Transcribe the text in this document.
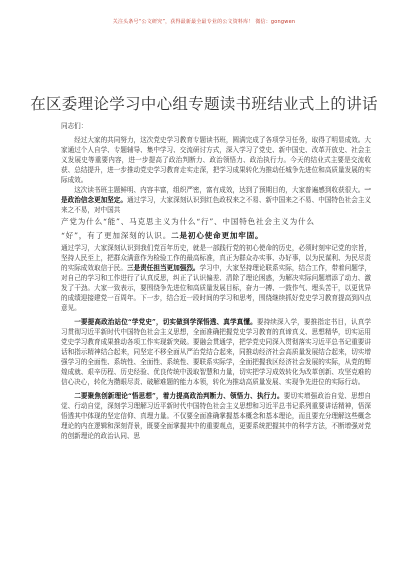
关注头条号“公文研究”，获得最新最全最专业的公文资料库！ 微信：gongwen
在区委理论学习中心组专题读书班结业式上的讲话

同志们：

经过大家的共同努力，这次党史学习教育专题读书班，圆满完成了各项学习任务，取得了明显成效。大家通过个人自学、专题辅导、集中学习、交流研讨方式，深入学习了党史、新中国史、改革开放史、社会主义发展史等重要内容，进一步提高了政治判断力、政治领悟力、政治执行力。今天的结业式主要是交流收获、总结提升，进一步推动党史学习教育走实走深，把学习成果转化为推动任城争先进位和高质量发展的实际成效。

这次读书班主题鲜明、内容丰富，组织严密，富有成效，达到了预期目的，大家普遍感到收获很大。一是政治信念更加坚定。通过学习，大家深刻认识到红色政权来之不易、新中国来之不易、中国特色社会主义来之不易，对中国共

产党为什么“能”、马克思主义为什么“行”、中国特色社会主义为什么

“好”，有了更加深刻的认识。二是初心使命更加牢固。

通过学习，大家深刻认识到我们党百年历史，就是一部践行党的初心使命的历史，必须时刻牢记党的宗旨，坚持人民至上，把群众满意作为检验工作的最高标准，真正为群众办实事、办好事，以为民谋利、为民尽责的实际成效取信于民。三是责任担当更加强烈。学习中，大家坚持理论联系实际，结合工作，带着问题学，对自己的学习和工作进行了认真反思，纠正了认识偏差、清除了理论困惑，为解决实际问题增添了动力、激发了干劲。大家一致表示，要围绕争先进位和高质量发展目标，奋力一搏、一鼓作气、埋头苦干，以更优异的成绩迎接建党一百周年。下一步，结合近一段时间的学习和思考，围绕继续抓好党史学习教育提高到四点意见。

一要提高政治站位“学党史”，切实做到学深悟透、真学真懂。要持续深入学，要推指定书目，认真学习贯彻习近平新时代中国特色社会主义思想，全面准确把握党史学习教育的真谛真义、思想精华，切实运用党史学习教育成果推动各项工作实现新突破。要融会贯通学，把学党史同深入贯彻落实习近平总书记重要讲话和指示精神结合起来，同坚定不移全面从严治党结合起来，同推动经济社会高质量发展结合起来，切实增强学习的全面性、系统性、全面性、系统性、要联系实际学，全面把握我区经济社会发展的实际，从党的辉煌成就、艰辛历程、历史经验、优良传统中汲取智慧和力量，切实把学习成效转化为改革创新、攻坚克难的信心决心，转化为攒眼尽责、破解难题的能力本领，转化为推动高质量发展、实现争先进位的实际行动。

二要聚焦创新理论“悟思想”，着力提高政治判断力、领悟力、执行力。要切实增强政治自觉、思想自觉、行动自觉，深刻学习理解习近平新时代中国特色社会主义思想和习近平总书记系列重要讲话精神，悟深悟透其中体现的坚定信仰、真理力量。不仅要全面准确掌握基本概念和基本理论，而且要充分理解这些概念理论的内在逻辑和深刻背景，既要全面掌握其中的重要观点，更要系统把握其中的科学方法，不断增强对党的创新理论的政治认同、思
